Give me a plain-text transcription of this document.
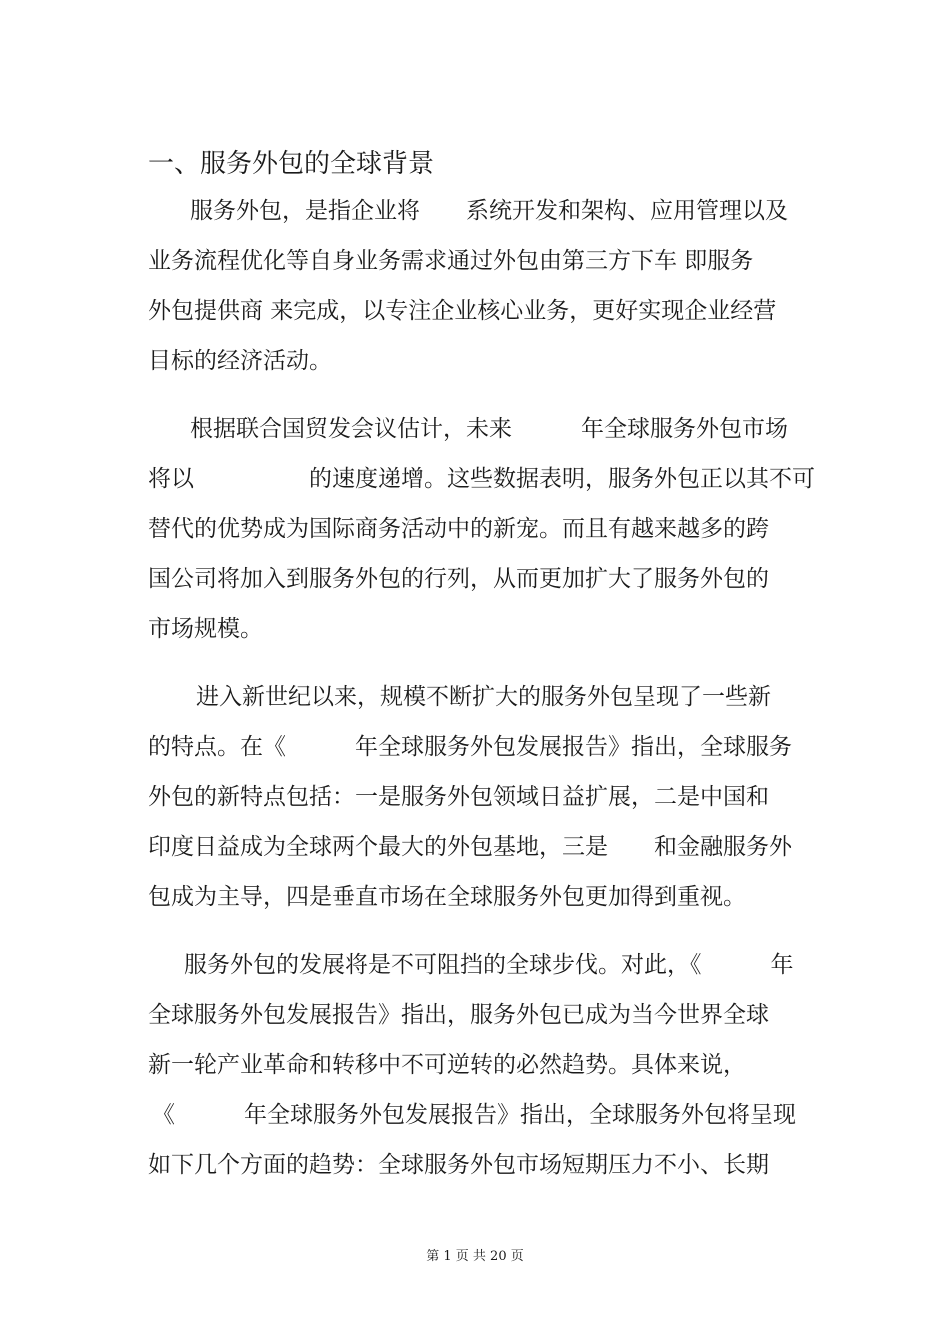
一、服务外包的全球背景
服务外包，是指企业将　　系统开发和架构、应用管理以及
业务流程优化等自身业务需求通过外包由第三方下车 即服务
外包提供商 来完成，以专注企业核心业务，更好实现企业经营
目标的经济活动。
根据联合国贸发会议估计，未来　　　年全球服务外包市场
将以　　　　　的速度递增。这些数据表明，服务外包正以其不可
替代的优势成为国际商务活动中的新宠。而且有越来越多的跨
国公司将加入到服务外包的行列，从而更加扩大了服务外包的
市场规模。
进入新世纪以来，规模不断扩大的服务外包呈现了一些新
的特点。在《　　　年全球服务外包发展报告》指出，全球服务
外包的新特点包括：一是服务外包领域日益扩展，二是中国和
印度日益成为全球两个最大的外包基地，三是　　和金融服务外
包成为主导，四是垂直市场在全球服务外包更加得到重视。
服务外包的发展将是不可阻挡的全球步伐。对此，《　　　年
全球服务外包发展报告》指出，服务外包已成为当今世界全球
新一轮产业革命和转移中不可逆转的必然趋势。具体来说，
《　　　年全球服务外包发展报告》指出，全球服务外包将呈现
如下几个方面的趋势：全球服务外包市场短期压力不小、长期
第 1 页 共 20 页
